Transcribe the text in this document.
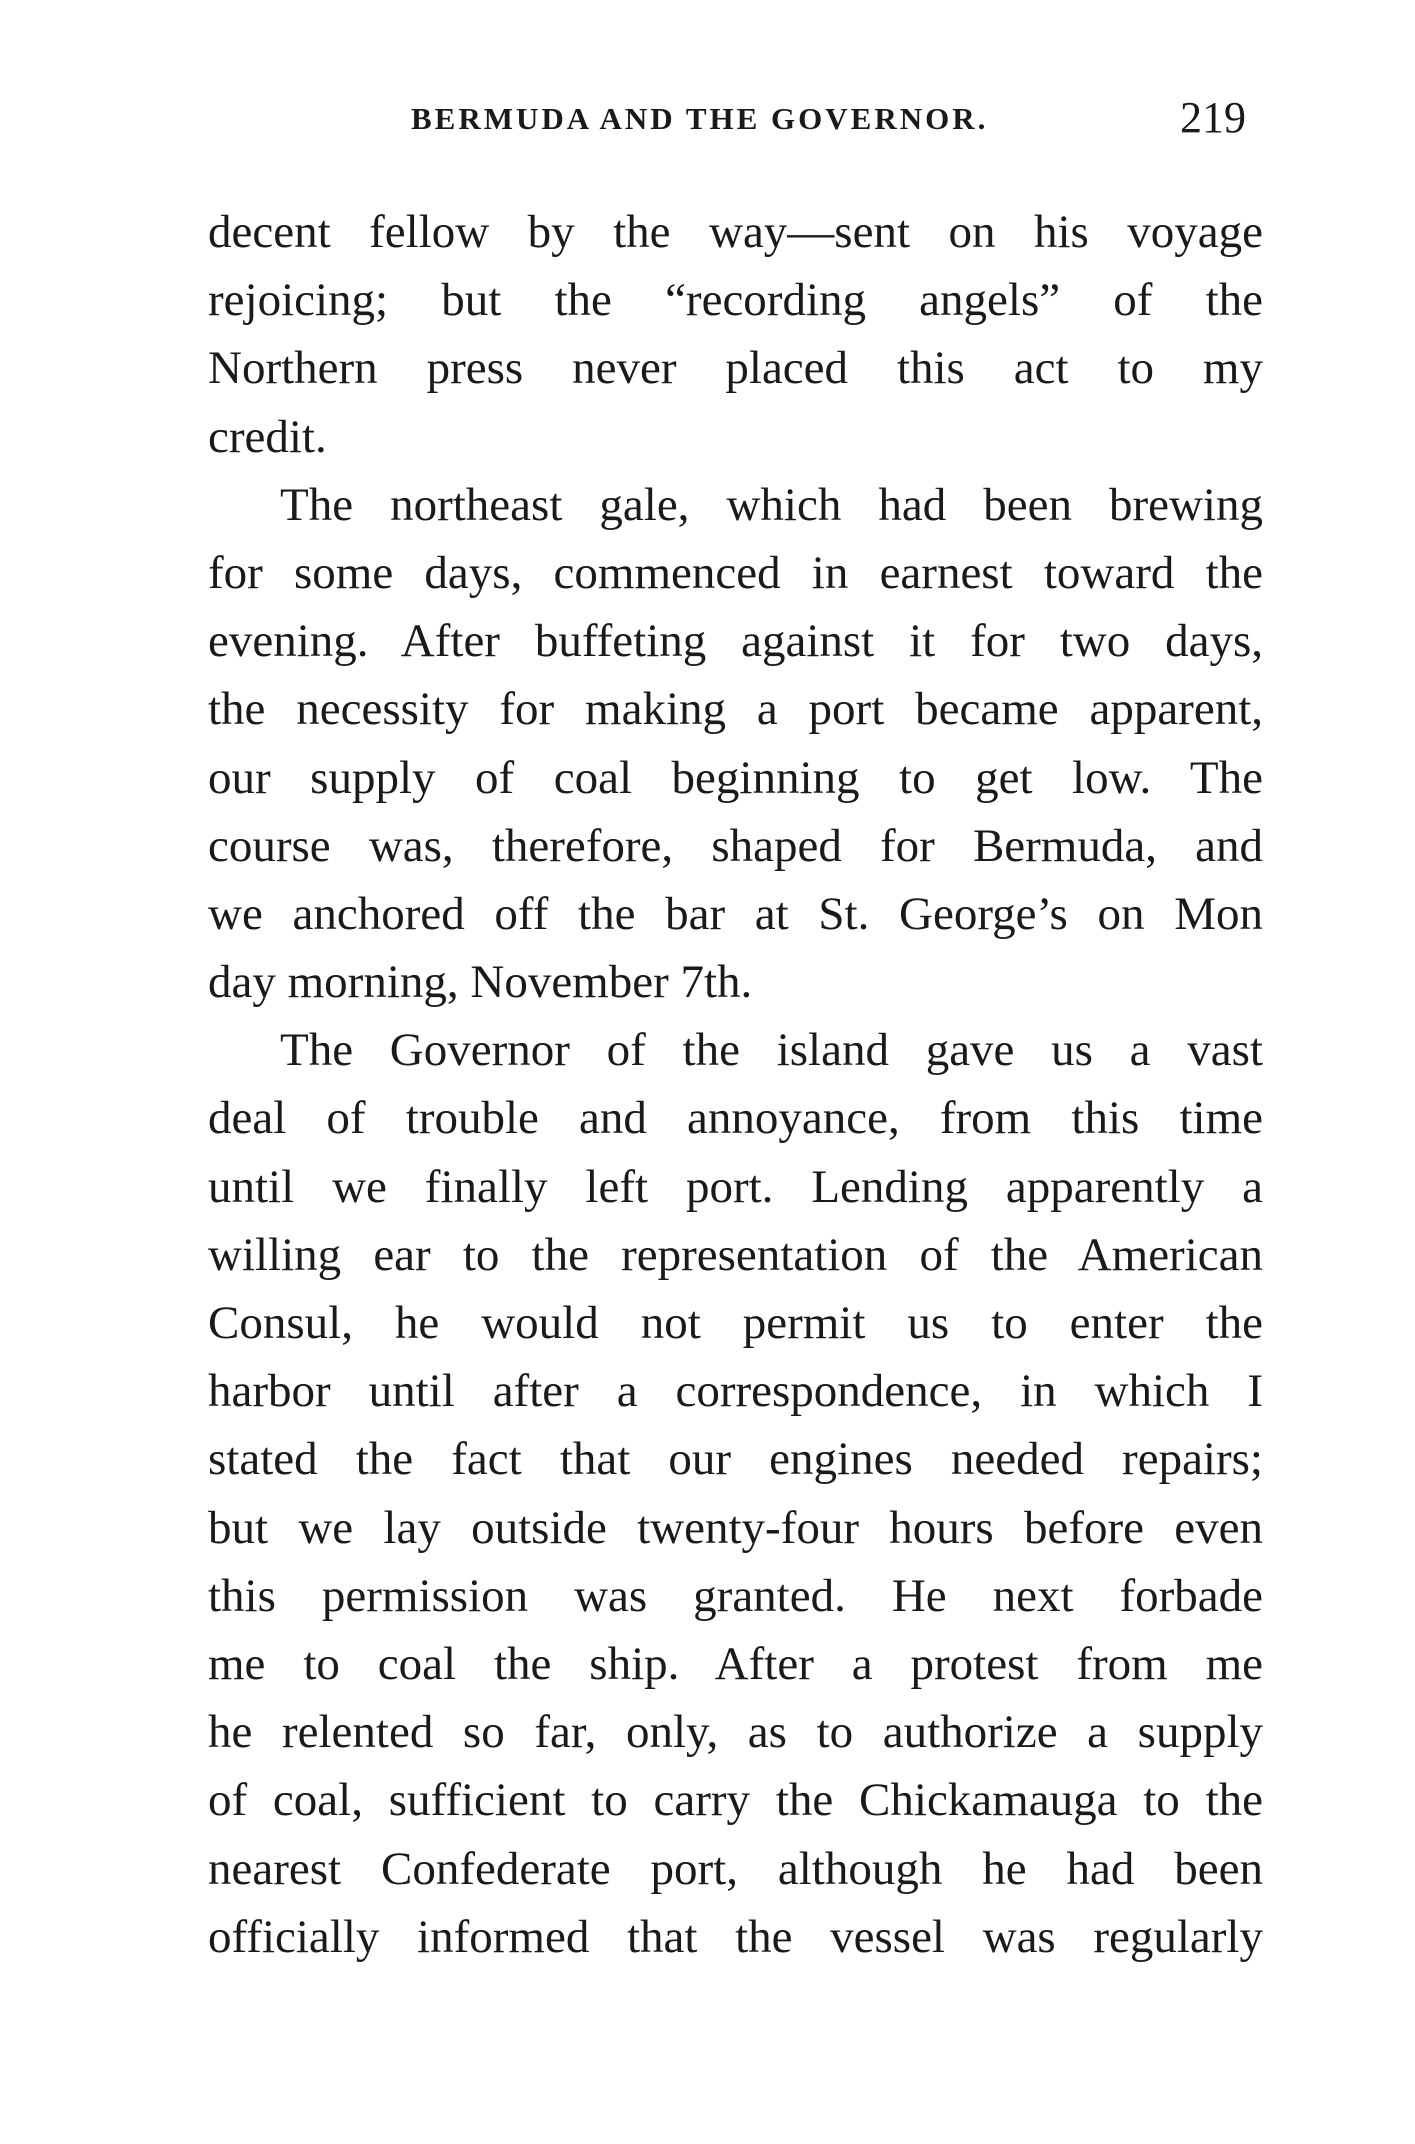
BERMUDA AND THE GOVERNOR.	219
decent fellow by the way—sent on his voyage
rejoicing; but the “recording angels” of the
Northern press never placed this act to my
credit.
The northeast gale, which had been brewing
for some days, commenced in earnest toward the
evening. After buffeting against it for two days,
the necessity for making a port became apparent,
our supply of coal beginning to get low. The
course was, therefore, shaped for Bermuda, and
we anchored off the bar at St. George’s on Mon
day morning, November 7th.
The Governor of the island gave us a vast
deal of trouble and annoyance, from this time
until we finally left port. Lending apparently a
willing ear to the representation of the American
Consul, he would not permit us to enter the
harbor until after a correspondence, in which I
stated the fact that our engines needed repairs;
but we lay outside twenty-four hours before even
this permission was granted. He next forbade
me to coal the ship. After a protest from me
he relented so far, only, as to authorize a supply
of coal, sufficient to carry the Chickamauga to the
nearest Confederate port, although he had been
officially informed that the vessel was regularly
